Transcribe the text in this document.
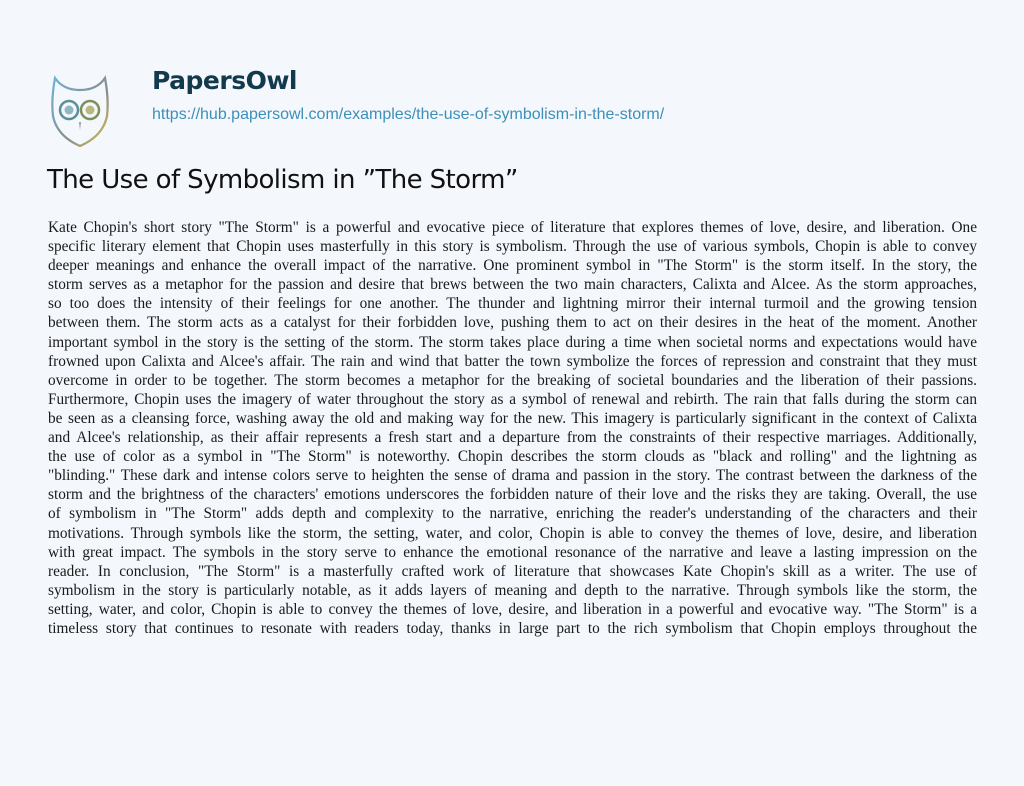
PapersOwl
https://hub.papersowl.com/examples/the-use-of-symbolism-in-the-storm/
The Use of Symbolism in ”The Storm”
Kate Chopin's short story "The Storm" is a powerful and evocative piece of literature that explores themes of love, desire, and liberation. One
specific literary element that Chopin uses masterfully in this story is symbolism. Through the use of various symbols, Chopin is able to convey
deeper meanings and enhance the overall impact of the narrative. One prominent symbol in "The Storm" is the storm itself. In the story, the
storm serves as a metaphor for the passion and desire that brews between the two main characters, Calixta and Alcee. As the storm approaches,
so too does the intensity of their feelings for one another. The thunder and lightning mirror their internal turmoil and the growing tension
between them. The storm acts as a catalyst for their forbidden love, pushing them to act on their desires in the heat of the moment. Another
important symbol in the story is the setting of the storm. The storm takes place during a time when societal norms and expectations would have
frowned upon Calixta and Alcee's affair. The rain and wind that batter the town symbolize the forces of repression and constraint that they must
overcome in order to be together. The storm becomes a metaphor for the breaking of societal boundaries and the liberation of their passions.
Furthermore, Chopin uses the imagery of water throughout the story as a symbol of renewal and rebirth. The rain that falls during the storm can
be seen as a cleansing force, washing away the old and making way for the new. This imagery is particularly significant in the context of Calixta
and Alcee's relationship, as their affair represents a fresh start and a departure from the constraints of their respective marriages. Additionally,
the use of color as a symbol in "The Storm" is noteworthy. Chopin describes the storm clouds as "black and rolling" and the lightning as
"blinding." These dark and intense colors serve to heighten the sense of drama and passion in the story. The contrast between the darkness of the
storm and the brightness of the characters' emotions underscores the forbidden nature of their love and the risks they are taking. Overall, the use
of symbolism in "The Storm" adds depth and complexity to the narrative, enriching the reader's understanding of the characters and their
motivations. Through symbols like the storm, the setting, water, and color, Chopin is able to convey the themes of love, desire, and liberation
with great impact. The symbols in the story serve to enhance the emotional resonance of the narrative and leave a lasting impression on the
reader. In conclusion, "The Storm" is a masterfully crafted work of literature that showcases Kate Chopin's skill as a writer. The use of
symbolism in the story is particularly notable, as it adds layers of meaning and depth to the narrative. Through symbols like the storm, the
setting, water, and color, Chopin is able to convey the themes of love, desire, and liberation in a powerful and evocative way. "The Storm" is a
timeless story that continues to resonate with readers today, thanks in large part to the rich symbolism that Chopin employs throughout the
